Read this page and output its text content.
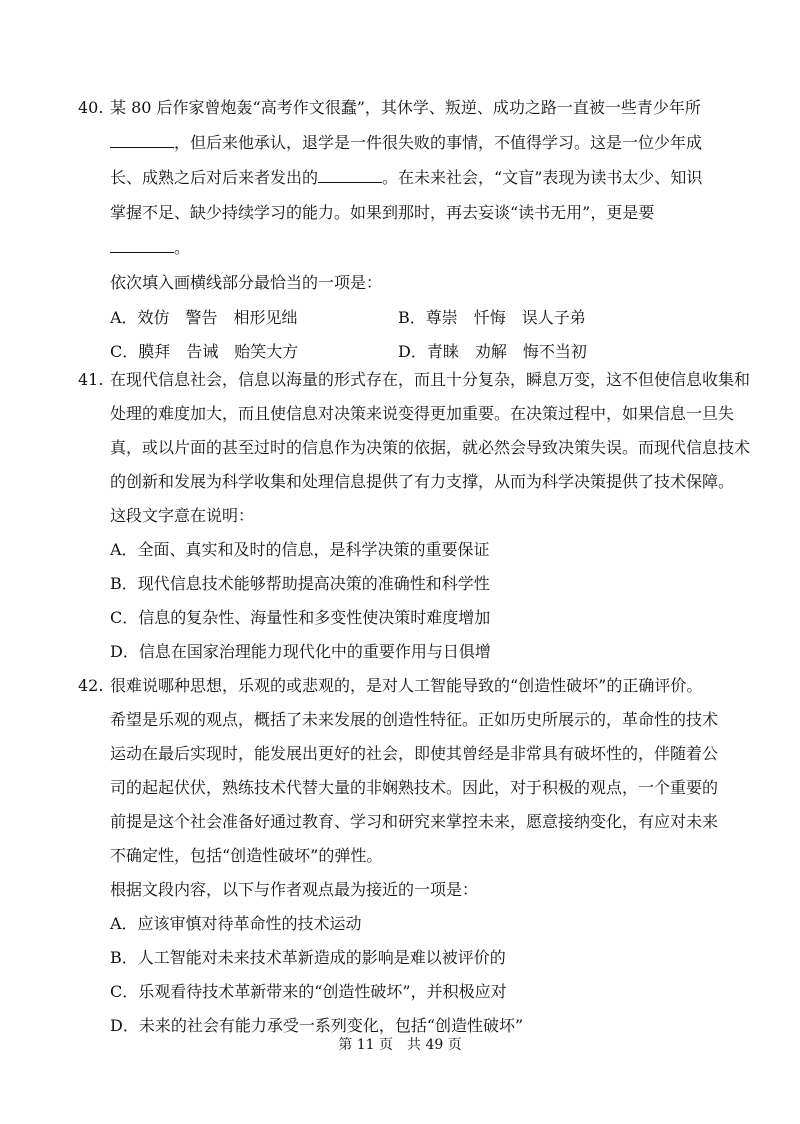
40. 某 80 后作家曾炮轰“高考作文很蠢”，其休学、叛逆、成功之路一直被一些青少年所
，但后来他承认，退学是一件很失败的事情，不值得学习。这是一位少年成
长、成熟之后对后来者发出的	。在未来社会，“文盲”表现为读书太少、知识
掌握不足、缺少持续学习的能力。如果到那时，再去妄谈“读书无用”，更是要
。
依次填入画横线部分最恰当的一项是：
A．效仿　警告　相形见绌	B．尊崇　忏悔　误人子弟
C．膜拜　告诫　贻笑大方	D．青睐　劝解　悔不当初
41. 在现代信息社会，信息以海量的形式存在，而且十分复杂，瞬息万变，这不但使信息收集和
处理的难度加大，而且使信息对决策来说变得更加重要。在决策过程中，如果信息一旦失
真，或以片面的甚至过时的信息作为决策的依据，就必然会导致决策失误。而现代信息技术
的创新和发展为科学收集和处理信息提供了有力支撑，从而为科学决策提供了技术保障。
这段文字意在说明：
A．全面、真实和及时的信息，是科学决策的重要保证
B．现代信息技术能够帮助提高决策的准确性和科学性
C．信息的复杂性、海量性和多变性使决策时难度增加
D．信息在国家治理能力现代化中的重要作用与日俱增
42. 很难说哪种思想，乐观的或悲观的，是对人工智能导致的“创造性破坏”的正确评价。
希望是乐观的观点，概括了未来发展的创造性特征。正如历史所展示的，革命性的技术
运动在最后实现时，能发展出更好的社会，即使其曾经是非常具有破坏性的，伴随着公
司的起起伏伏，熟练技术代替大量的非娴熟技术。因此，对于积极的观点，一个重要的
前提是这个社会准备好通过教育、学习和研究来掌控未来，愿意接纳变化，有应对未来
不确定性，包括“创造性破坏”的弹性。
根据文段内容，以下与作者观点最为接近的一项是：
A．应该审慎对待革命性的技术运动
B．人工智能对未来技术革新造成的影响是难以被评价的
C．乐观看待技术革新带来的“创造性破坏”，并积极应对
D．未来的社会有能力承受一系列变化，包括“创造性破坏”
第 11 页　共 49 页
